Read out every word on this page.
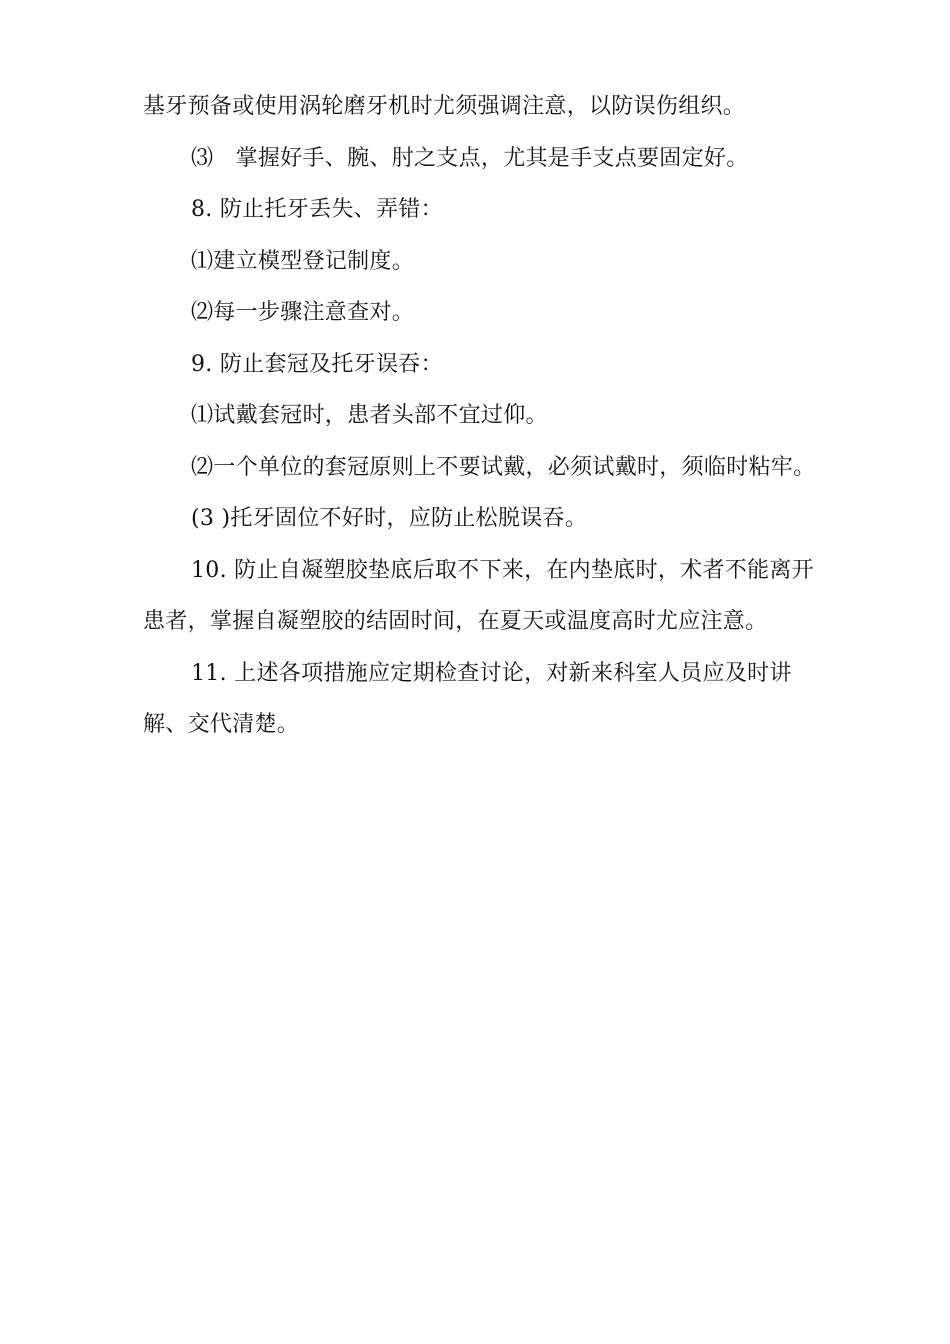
基牙预备或使用涡轮磨牙机时尤须强调注意，以防误伤组织。

⑶　掌握好手、腕、肘之支点，尤其是手支点要固定好。

8. 防止托牙丢失、弄错：

⑴建立模型登记制度。

⑵每一步骤注意查对。

9. 防止套冠及托牙误吞：

⑴试戴套冠时，患者头部不宜过仰。

⑵一个单位的套冠原则上不要试戴，必须试戴时，须临时粘牢。

(3 )托牙固位不好时，应防止松脱误吞。

10. 防止自凝塑胶垫底后取不下来，在内垫底时，术者不能离开患者，掌握自凝塑胶的结固时间，在夏天或温度高时尤应注意。

11. 上述各项措施应定期检查讨论，对新来科室人员应及时讲解、交代清楚。
